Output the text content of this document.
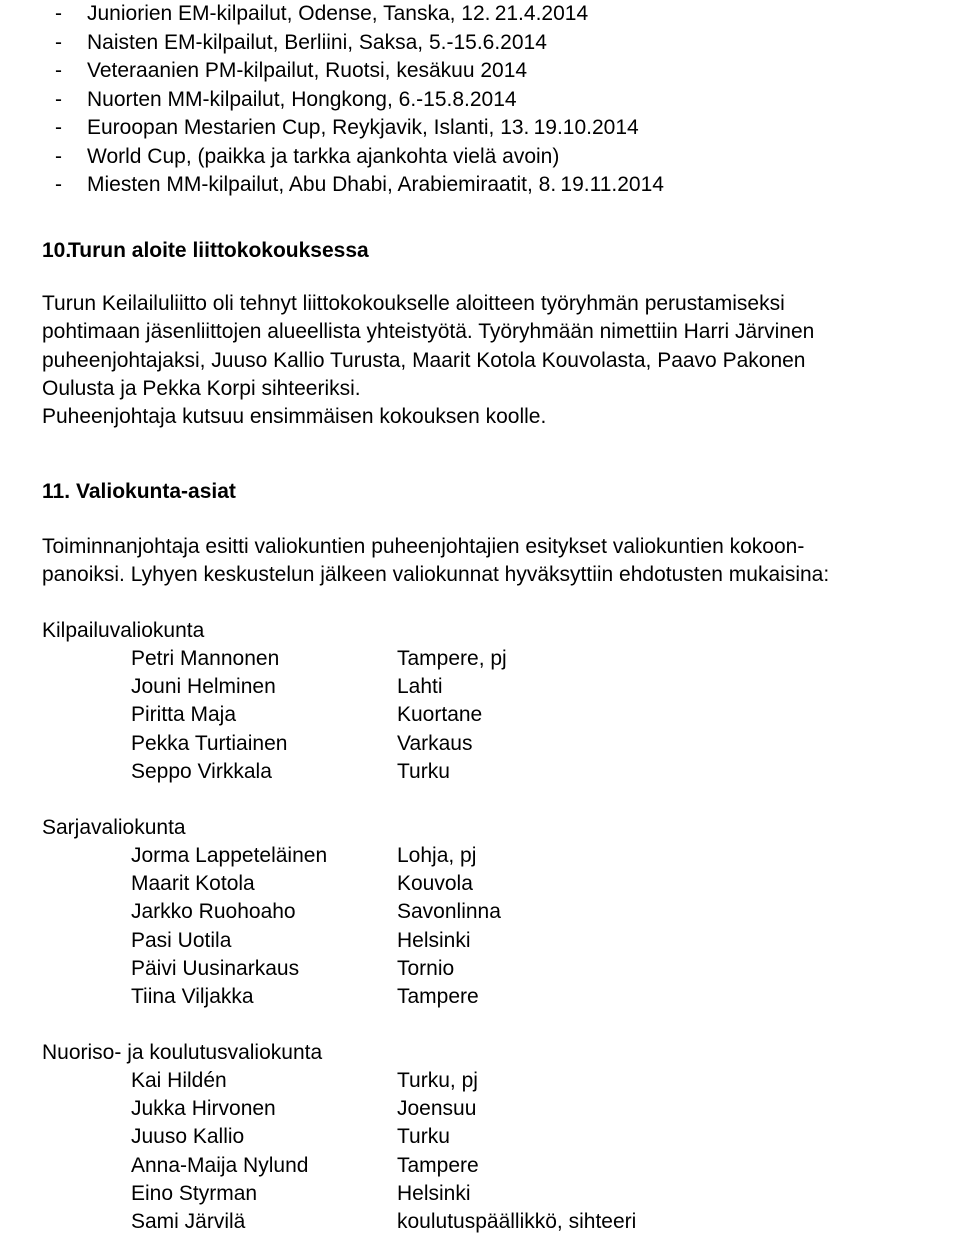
-	Juniorien EM-kilpailut, Odense, Tanska, 12. 21.4.2014
-	Naisten EM-kilpailut, Berliini, Saksa, 5.-15.6.2014
-	Veteraanien PM-kilpailut, Ruotsi, kesäkuu 2014
-	Nuorten MM-kilpailut, Hongkong, 6.-15.8.2014
-	Euroopan Mestarien Cup, Reykjavik, Islanti, 13. 19.10.2014
-	World Cup, (paikka ja tarkka ajankohta vielä avoin)
-	Miesten MM-kilpailut, Abu Dhabi, Arabiemiraatit, 8. 19.11.2014
10.Turun aloite liittokokouksessa
Turun Keilailuliitto oli tehnyt liittokokoukselle aloitteen työryhmän perustamiseksi
pohtimaan jäsenliittojen alueellista yhteistyötä. Työryhmään nimettiin Harri Järvinen
puheenjohtajaksi, Juuso Kallio Turusta, Maarit Kotola Kouvolasta, Paavo Pakonen
Oulusta ja Pekka Korpi sihteeriksi.
Puheenjohtaja kutsuu ensimmäisen kokouksen koolle.
11. Valiokunta-asiat
Toiminnanjohtaja esitti valiokuntien puheenjohtajien esitykset valiokuntien kokoon-
panoiksi. Lyhyen keskustelun jälkeen valiokunnat hyväksyttiin ehdotusten mukaisina:
Kilpailuvaliokunta
Petri Mannonen	Tampere, pj
Jouni Helminen	Lahti
Piritta Maja	Kuortane
Pekka Turtiainen	Varkaus
Seppo Virkkala	Turku
Sarjavaliokunta
Jorma Lappeteläinen	Lohja, pj
Maarit Kotola	Kouvola
Jarkko Ruohoaho	Savonlinna
Pasi Uotila	Helsinki
Päivi Uusinarkaus	Tornio
Tiina Viljakka	Tampere
Nuoriso- ja koulutusvaliokunta
Kai Hildén	Turku, pj
Jukka Hirvonen	Joensuu
Juuso Kallio	Turku
Anna-Maija Nylund	Tampere
Eino Styrman	Helsinki
Sami Järvilä	koulutuspäällikkö, sihteeri
